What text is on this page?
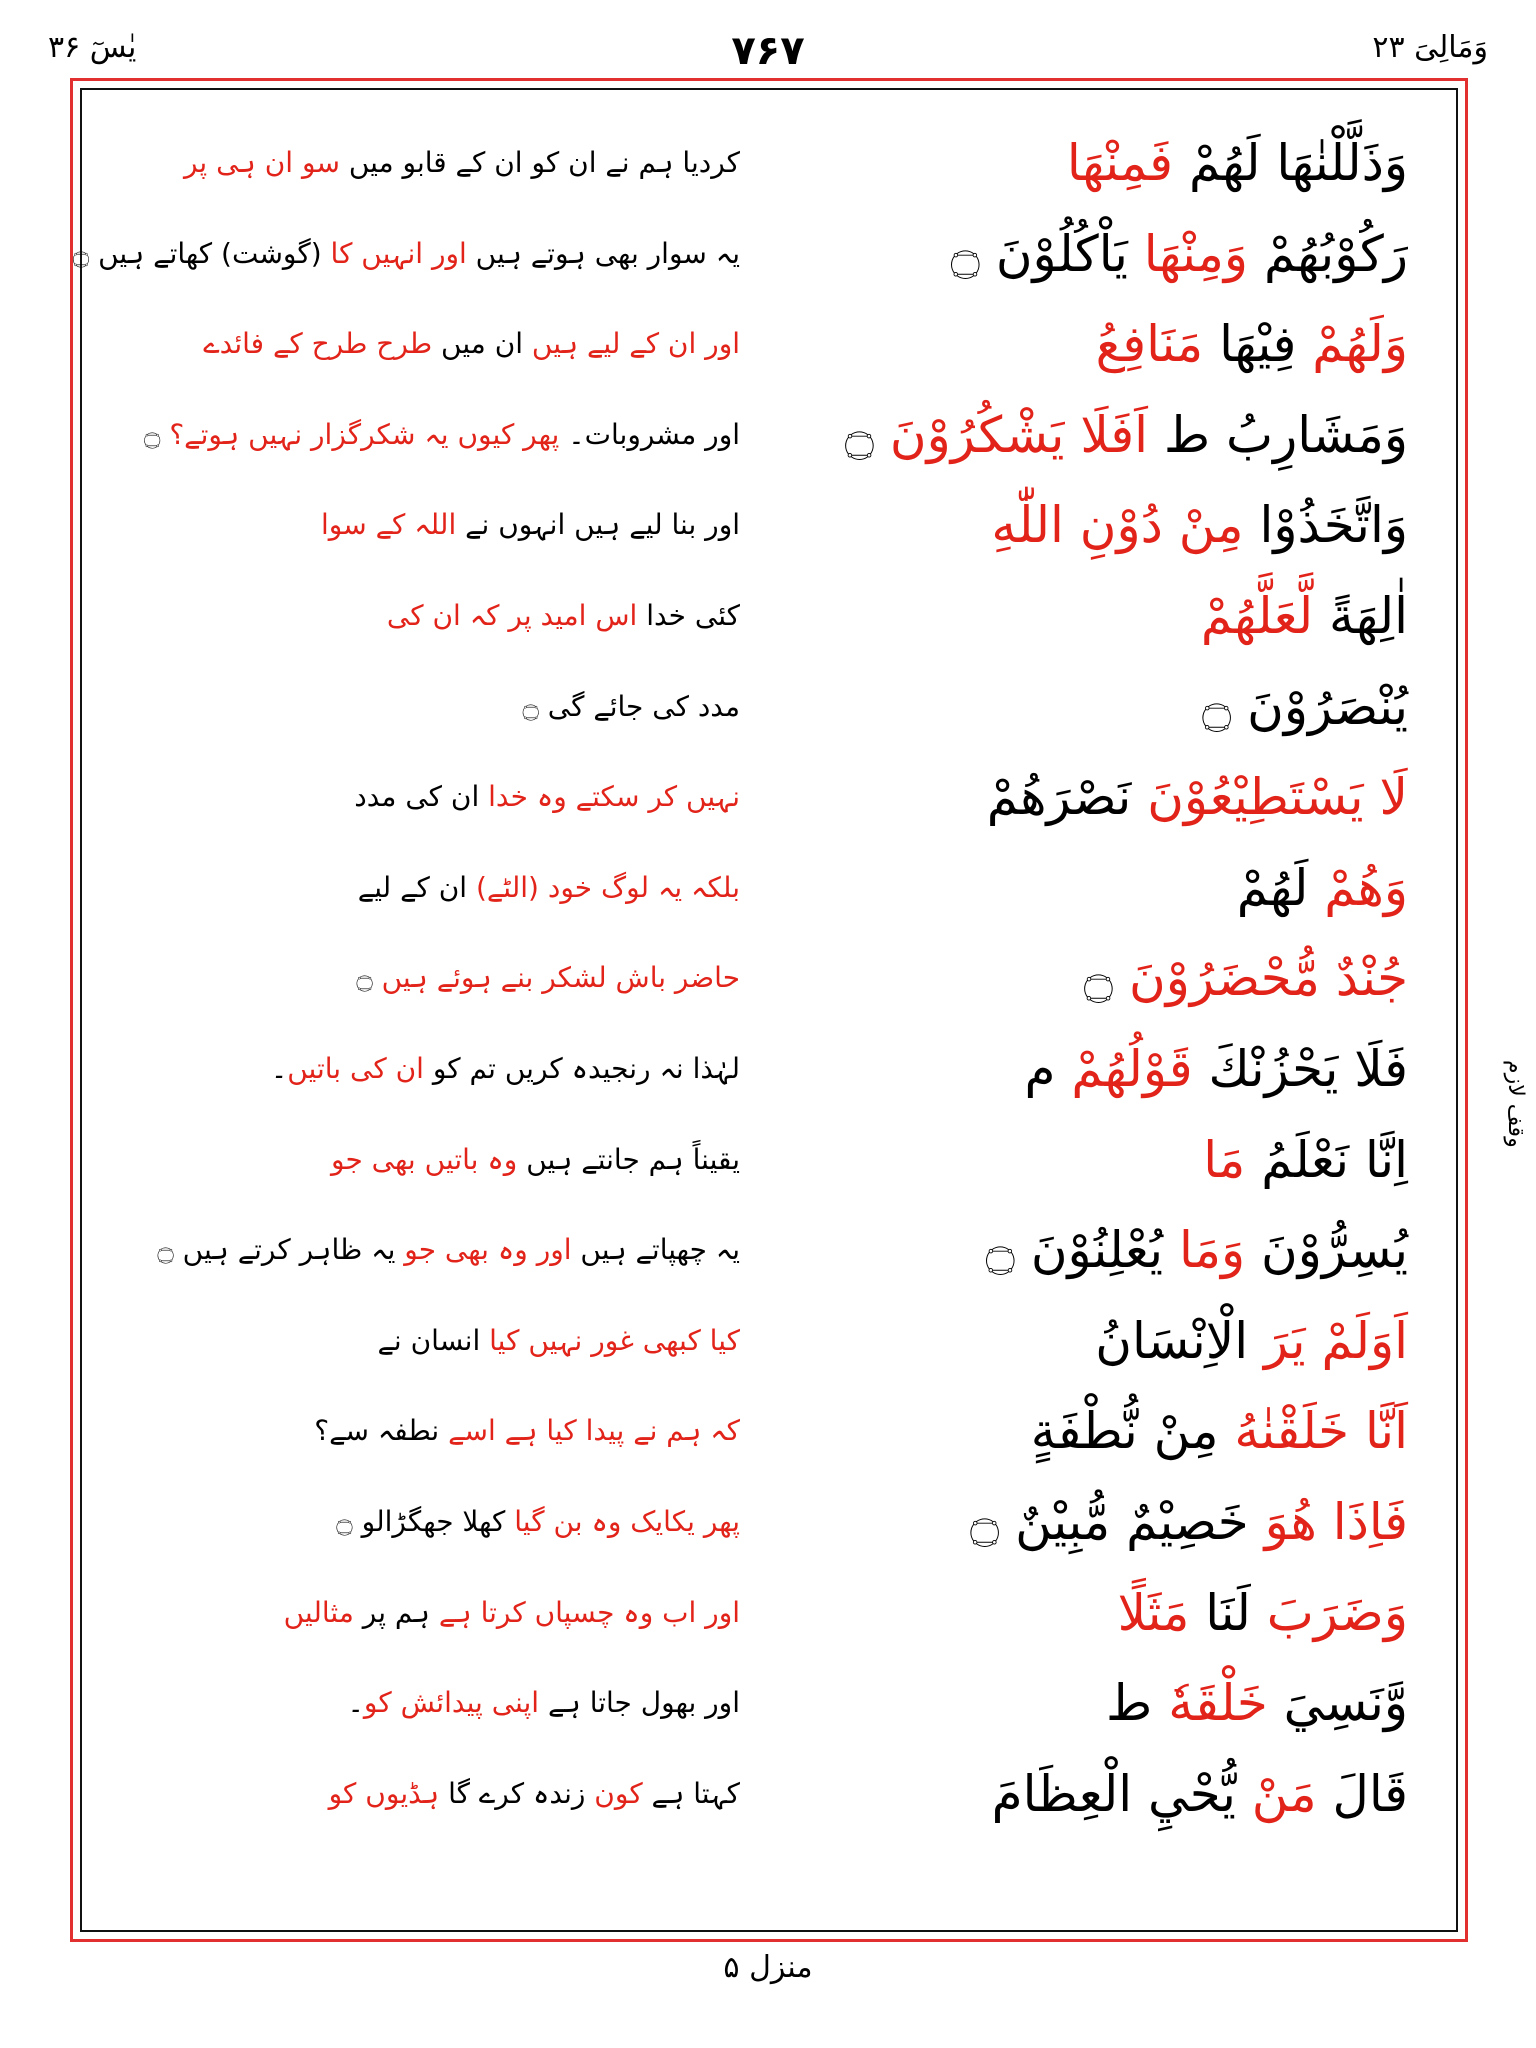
یٰسٓ ۳۶	۷۶۷	وَمَالِیَ ۲۳
وَذَلَّلْنٰهَا لَهُمْ فَمِنْهَا
کردیا ہم نے ان کو ان کے قابو میں سو ان ہی پر
رَكُوْبُهُمْ وَمِنْهَا يَاْكُلُوْنَ ۝
یہ سوار بھی ہوتے ہیں اور انہیں کا (گوشت) کھاتے ہیں ۝
وَلَهُمْ فِيْهَا مَنَافِعُ
اور ان کے لیے ہیں ان میں طرح طرح کے فائدے
وَمَشَارِبُ ط اَفَلَا يَشْكُرُوْنَ ۝
اور مشروبات۔ پھر کیوں یہ شکرگزار نہیں ہوتے؟ ۝
وَاتَّخَذُوْا مِنْ دُوْنِ اللّٰهِ
اور بنا لیے ہیں انہوں نے اللہ کے سوا
اٰلِهَةً لَّعَلَّهُمْ
کئی خدا اس امید پر کہ ان کی
يُنْصَرُوْنَ ۝
مدد کی جائے گی ۝
لَا يَسْتَطِيْعُوْنَ نَصْرَهُمْ
نہیں کر سکتے وہ خدا ان کی مدد
وَهُمْ لَهُمْ
بلکہ یہ لوگ خود (الٹے) ان کے لیے
جُنْدٌ مُّحْضَرُوْنَ ۝
حاضر باش لشکر بنے ہوئے ہیں ۝
فَلَا يَحْزُنْكَ قَوْلُهُمْ م
لہٰذا نہ رنجیدہ کریں تم کو ان کی باتیں۔
اِنَّا نَعْلَمُ مَا
یقیناً ہم جانتے ہیں وہ باتیں بھی جو
يُسِرُّوْنَ وَمَا يُعْلِنُوْنَ ۝
یہ چھپاتے ہیں اور وہ بھی جو یہ ظاہر کرتے ہیں ۝
اَوَلَمْ يَرَ الْاِنْسَانُ
کیا کبھی غور نہیں کیا انسان نے
اَنَّا خَلَقْنٰهُ مِنْ نُّطْفَةٍ
کہ ہم نے پیدا کیا ہے اسے نطفہ سے؟
فَاِذَا هُوَ خَصِيْمٌ مُّبِيْنٌ ۝
پھر یکایک وہ بن گیا کھلا جھگڑالو ۝
وَضَرَبَ لَنَا مَثَلًا
اور اب وہ چسپاں کرتا ہے ہم پر مثالیں
وَّنَسِيَ خَلْقَهٗ ط
اور بھول جاتا ہے اپنی پیدائش کو۔
قَالَ مَنْ يُّحْيِ الْعِظَامَ
کہتا ہے کون زندہ کرے گا ہڈیوں کو
وقف لازم
منزل ۵
